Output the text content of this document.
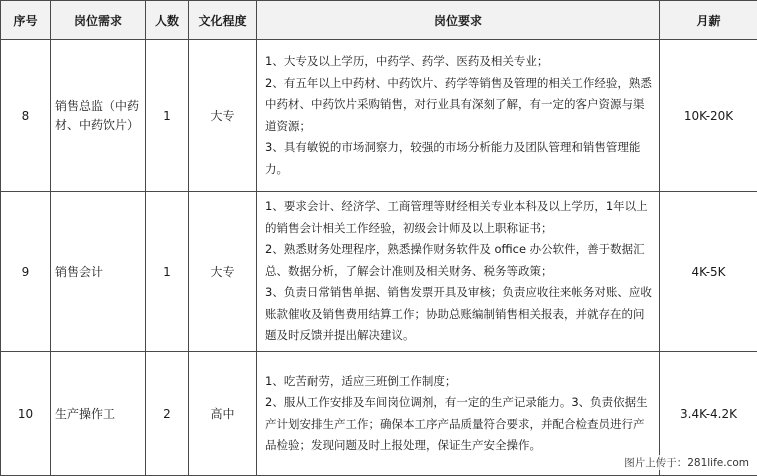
序号	岗位需求	人数	文化程度	岗位要求	月薪
8	销售总监（中药材、中药饮片）	1	大专	1、大专及以上学历，中药学、药学、医药及相关专业；
2、有五年以上中药材、中药饮片、药学等销售及管理的相关工作经验，熟悉中药材、中药饮片采购销售，对行业具有深刻了解，有一定的客户资源与渠道资源；
3、具有敏锐的市场洞察力，较强的市场分析能力及团队管理和销售管理能力。	10K-20K
9	销售会计	1	大专	1、要求会计、经济学、工商管理等财经相关专业本科及以上学历，1年以上的销售会计相关工作经验，初级会计师及以上职称证书；
2、熟悉财务处理程序，熟悉操作财务软件及 office 办公软件，善于数据汇总、数据分析，了解会计准则及相关财务、税务等政策；
3、负责日常销售单据、销售发票开具及审核；负责应收往来帐务对账、应收账款催收及销售费用结算工作；协助总账编制销售相关报表，并就存在的问题及时反馈并提出解决建议。	4K-5K
10	生产操作工	2	高中	1、吃苦耐劳，适应三班倒工作制度；
2、服从工作安排及车间岗位调剂，有一定的生产记录能力。3、负责依据生产计划安排生产工作；确保本工序产品质量符合要求，并配合检查员进行产品检验；发现问题及时上报处理，保证生产安全操作。	3.4K-4.2K
图片上传于：281life.com
